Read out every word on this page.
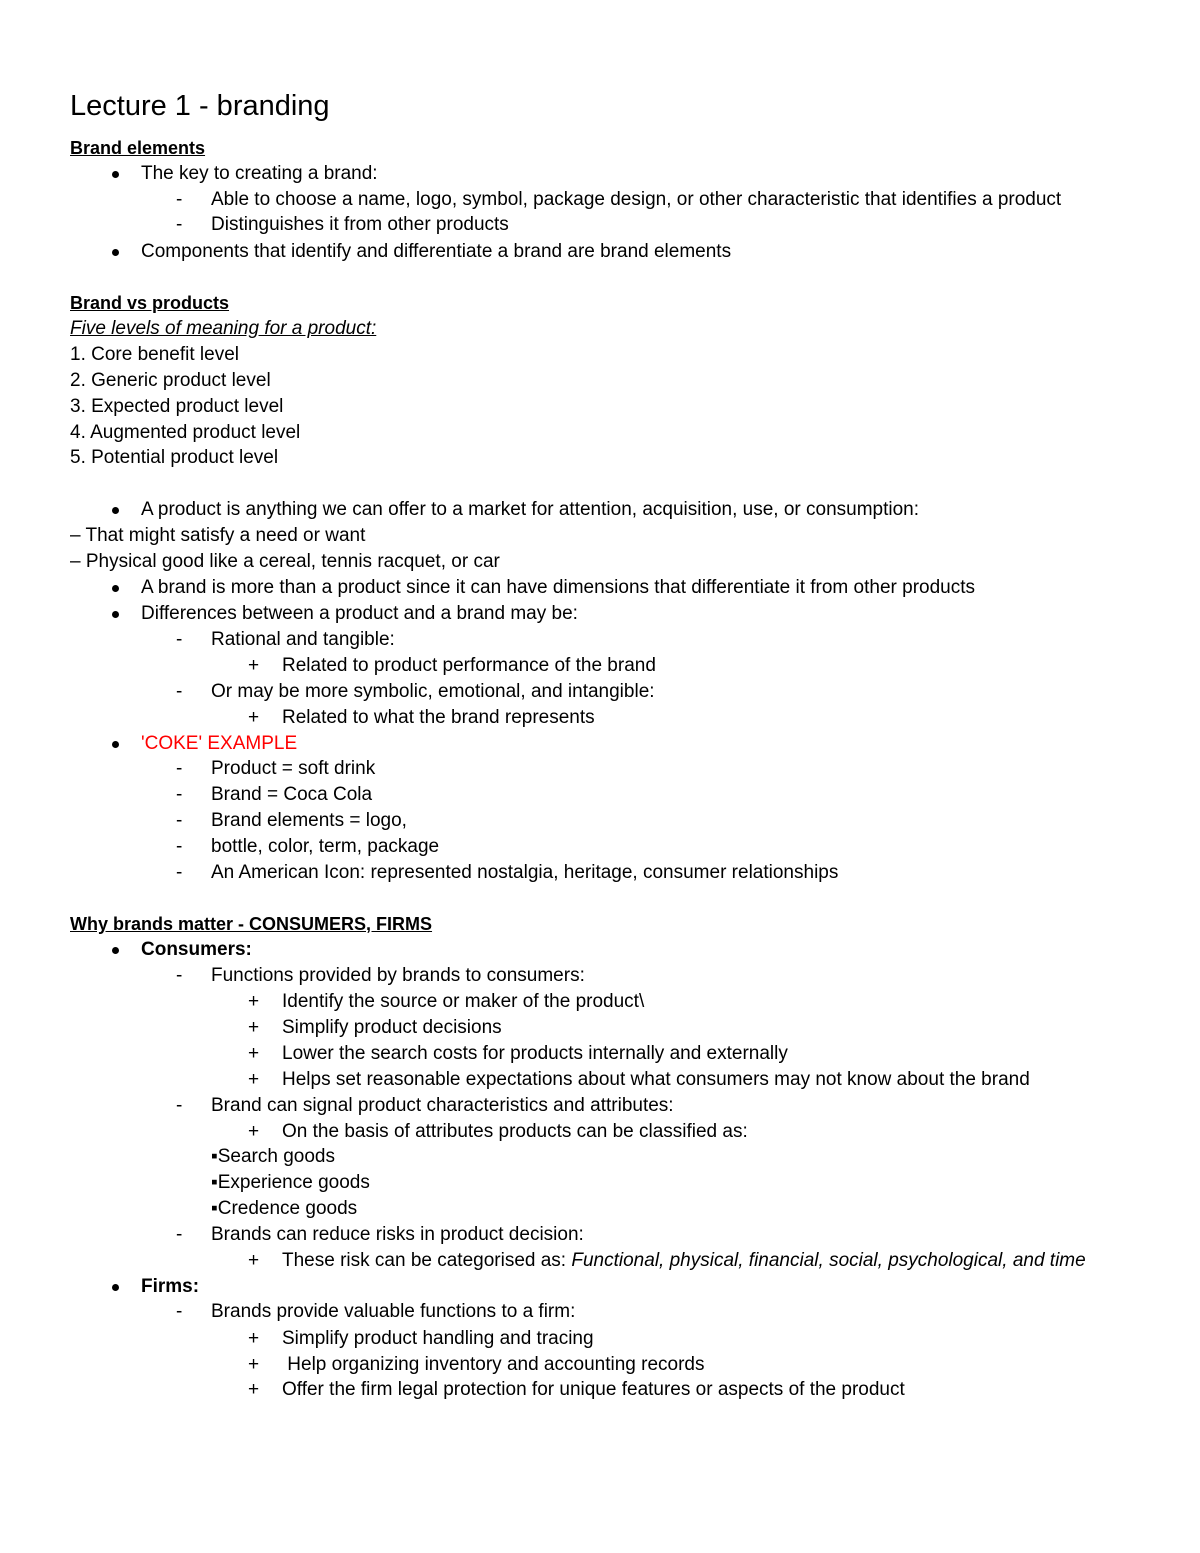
Lecture 1 - branding
Brand elements
The key to creating a brand:
- Able to choose a name, logo, symbol, package design, or other characteristic that identifies a product
- Distinguishes it from other products
Components that identify and differentiate a brand are brand elements
Brand vs products
Five levels of meaning for a product:
1. Core benefit level
2. Generic product level
3. Expected product level
4. Augmented product level
5. Potential product level
A product is anything we can offer to a market for attention, acquisition, use, or consumption:
– That might satisfy a need or want
– Physical good like a cereal, tennis racquet, or car
A brand is more than a product since it can have dimensions that differentiate it from other products
Differences between a product and a brand may be:
- Rational and tangible:
+ Related to product performance of the brand
- Or may be more symbolic, emotional, and intangible:
+ Related to what the brand represents
'COKE' EXAMPLE
- Product = soft drink
- Brand = Coca Cola
- Brand elements = logo,
- bottle, color, term, package
- An American Icon: represented nostalgia, heritage, consumer relationships
Why brands matter - CONSUMERS, FIRMS
Consumers:
- Functions provided by brands to consumers:
+ Identify the source or maker of the product\
+ Simplify product decisions
+ Lower the search costs for products internally and externally
+ Helps set reasonable expectations about what consumers may not know about the brand
- Brand can signal product characteristics and attributes:
+ On the basis of attributes products can be classified as:
▪Search goods
▪Experience goods
▪Credence goods
- Brands can reduce risks in product decision:
+ These risk can be categorised as: Functional, physical, financial, social, psychological, and time
Firms:
- Brands provide valuable functions to a firm:
+ Simplify product handling and tracing
+ Help organizing inventory and accounting records
+ Offer the firm legal protection for unique features or aspects of the product
